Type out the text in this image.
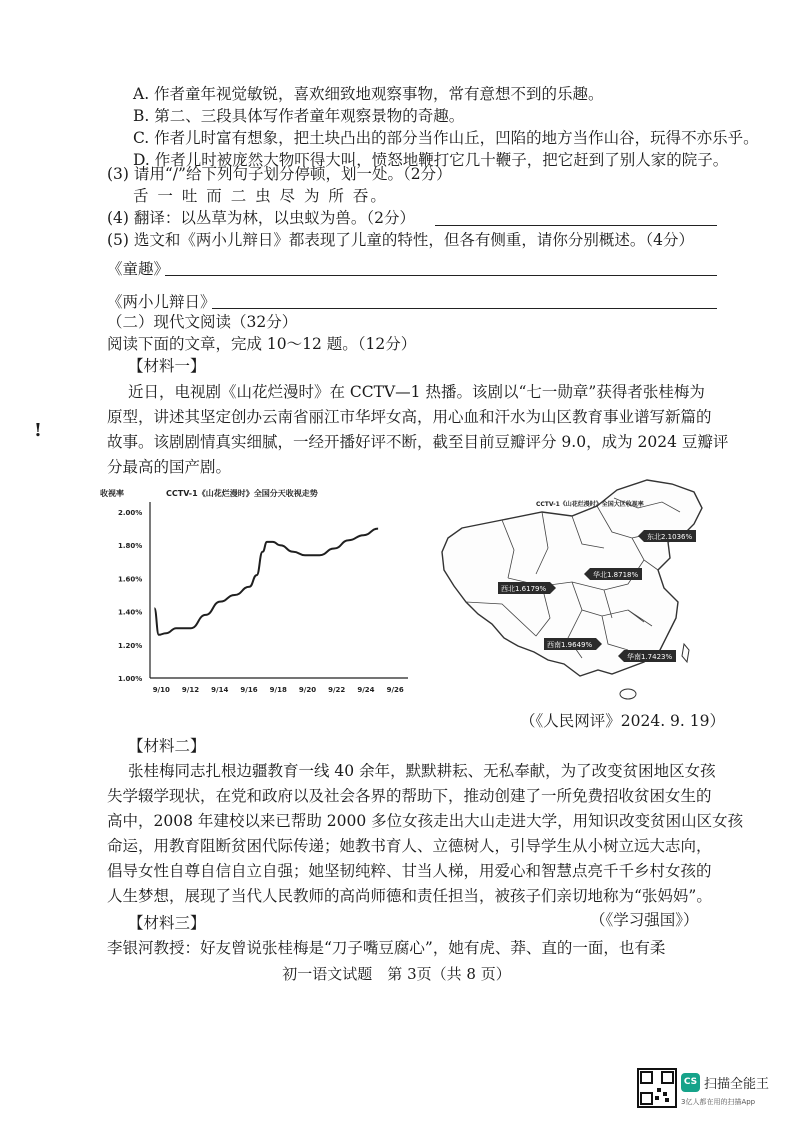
A. 作者童年视觉敏锐，喜欢细致地观察事物，常有意想不到的乐趣。
B. 第二、三段具体写作者童年观察景物的奇趣。
C. 作者儿时富有想象，把土块凸出的部分当作山丘，凹陷的地方当作山谷，玩得不亦乐乎。
D. 作者儿时被庞然大物吓得大叫，愤怒地鞭打它几十鞭子，把它赶到了别人家的院子。
(3) 请用“/”给下列句子划分停顿，划一处。（2分）
舌 一 吐 而 二 虫 尽 为 所 吞。
(4) 翻译：以丛草为林，以虫蚁为兽。（2分）
(5) 选文和《两小儿辩日》都表现了儿童的特性，但各有侧重，请你分别概述。（4分）
《童趣》
《两小儿辩日》
（二）现代文阅读（32分）
阅读下面的文章，完成 10～12 题。（12分）
【材料一】
近日，电视剧《山花烂漫时》在 CCTV—1 热播。该剧以“七一勋章”获得者张桂梅为
原型，讲述其坚定创办云南省丽江市华坪女高，用心血和汗水为山区教育事业谱写新篇的
故事。该剧剧情真实细腻，一经开播好评不断，截至目前豆瓣评分 9.0，成为 2024 豆瓣评
分最高的国产剧。
!
收视率	CCTV-1《山花烂漫时》全国分天收视走势
2.00%
1.80%
1.60%
1.40%
1.20%
1.00%
9/10 9/12 9/14 9/16 9/18 9/20 9/22 9/24 9/26
CCTV-1《山花烂漫时》全国大区收视率
东北2.1036%
华北1.8718%
西北1.6179%
西南1.9649%
华南1.7423%
（《人民网评》2024. 9. 19）
【材料二】
张桂梅同志扎根边疆教育一线 40 余年，默默耕耘、无私奉献，为了改变贫困地区女孩
失学辍学现状，在党和政府以及社会各界的帮助下，推动创建了一所免费招收贫困女生的
高中，2008 年建校以来已帮助 2000 多位女孩走出大山走进大学，用知识改变贫困山区女孩
命运，用教育阻断贫困代际传递；她教书育人、立德树人，引导学生从小树立远大志向，
倡导女性自尊自信自立自强；她坚韧纯粹、甘当人梯，用爱心和智慧点亮千千乡村女孩的
人生梦想，展现了当代人民教师的高尚师德和责任担当，被孩子们亲切地称为“张妈妈”。
（《学习强国》）
【材料三】
李银河教授：好友曾说张桂梅是“刀子嘴豆腐心”，她有虎、莽、直的一面，也有柔
初一语文试题　第 3页（共 8 页）
CS 扫描全能王
3亿人都在用的扫描App
